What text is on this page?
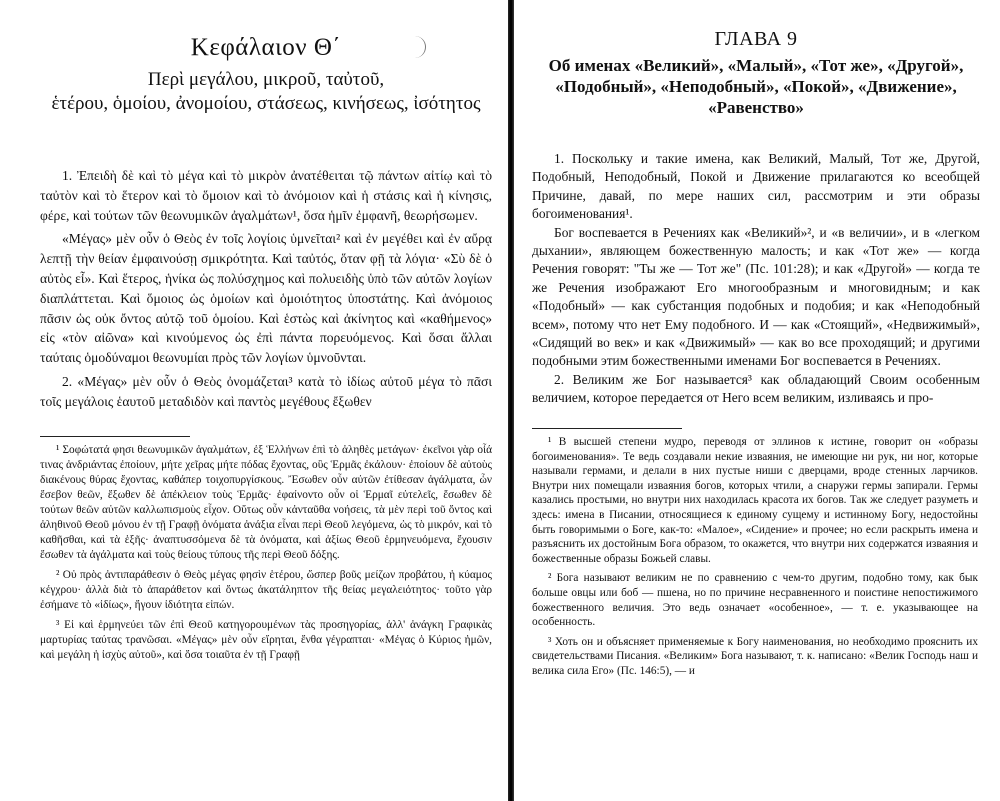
Κεφάλαιον Θ΄

Περὶ μεγάλου, μικροῦ, ταὐτοῦ,

ἑτέρου, ὁμοίου, ἀνομοίου, στάσεως, κινήσεως, ἰσότητος

1. Ἐπειδὴ δὲ καὶ τὸ μέγα καὶ τὸ μικρὸν ἀνατέθειται τῷ πάντων αἰτίῳ καὶ τὸ ταὐτὸν καὶ τὸ ἕτερον καὶ τὸ ὅμοιον καὶ τὸ ἀνόμοιον καὶ ἡ στάσις καὶ ἡ κίνησις, φέρε, καὶ τούτων τῶν θεωνυμικῶν ἀγαλμάτων¹, ὅσα ἡμῖν ἐμφανῆ, θεωρήσωμεν.

«Μέγας» μὲν οὖν ὁ Θεὸς ἐν τοῖς λογίοις ὑμνεῖται² καὶ ἐν μεγέθει καὶ ἐν αὔρᾳ λεπτῇ τὴν θείαν ἐμφαινούσῃ σμικρότητα. Καὶ ταὐτός, ὅταν φῇ τὰ λόγια· «Σὺ δὲ ὁ αὐτὸς εἶ». Καὶ ἕτερος, ἡνίκα ὡς πολύσχημος καὶ πολυειδὴς ὑπὸ τῶν αὐτῶν λογίων διαπλάττεται. Καὶ ὅμοιος ὡς ὁμοίων καὶ ὁμοιότητος ὑποστάτης. Καὶ ἀνόμοιος πᾶσιν ὡς οὐκ ὄντος αὐτῷ τοῦ ὁμοίου. Καὶ ἑστὼς καὶ ἀκίνητος καὶ «καθήμενος» εἰς «τὸν αἰῶνα» καὶ κινούμενος ὡς ἐπὶ πάντα πορευόμενος. Καὶ ὅσαι ἄλλαι ταύταις ὁμοδύναμοι θεωνυμίαι πρὸς τῶν λογίων ὑμνοῦνται.

2. «Μέγας» μὲν οὖν ὁ Θεὸς ὀνομάζεται³ κατὰ τὸ ἰδίως αὐτοῦ μέγα τὸ πᾶσι τοῖς μεγάλοις ἑαυτοῦ μεταδιδὸν καὶ παντὸς μεγέθους ἔξωθεν

¹ Σοφώτατά φησι θεωνυμικῶν ἀγαλμάτων, ἐξ Ἑλλήνων ἐπὶ τὸ ἀληθὲς μετάγων· ἐκεῖνοι γὰρ οἷά τινας ἀνδριάντας ἐποίουν, μήτε χεῖρας μήτε πόδας ἔχοντας, οὓς Ἑρμᾶς ἐκάλουν· ἐποίουν δὲ αὐτοὺς διακένους θύρας ἔχοντας, καθάπερ τοιχοπυργίσκους. Ἔσωθεν οὖν αὐτῶν ἐτίθεσαν ἀγάλματα, ὧν ἔσεβον θεῶν, ἔξωθεν δὲ ἀπέκλειον τοὺς Ἑρμᾶς· ἐφαίνοντο οὖν οἱ Ἑρμαῖ εὐτελεῖς, ἔσωθεν δὲ τούτων θεῶν αὐτῶν καλλωπισμοὺς εἶχον. Οὕτως οὖν κἀνταῦθα νοήσεις, τὰ μὲν περὶ τοῦ ὄντος καὶ ἀληθινοῦ Θεοῦ μόνου ἐν τῇ Γραφῇ ὀνόματα ἀνάξια εἶναι περὶ Θεοῦ λεγόμενα, ὡς τὸ μικρόν, καὶ τὸ καθῆσθαι, καὶ τὰ ἑξῆς· ἀναπτυσσόμενα δὲ τὰ ὀνόματα, καὶ ἀξίως Θεοῦ ἑρμηνευόμενα, ἔχουσιν ἔσωθεν τὰ ἀγάλματα καὶ τοὺς θείους τύπους τῆς περὶ Θεοῦ δόξης.

² Οὐ πρὸς ἀντιπαράθεσιν ὁ Θεὸς μέγας φησὶν ἑτέρου, ὥσπερ βοῦς μείζων προβάτου, ἡ κύαμος κέγχρου· ἀλλὰ διὰ τὸ ἀπαράθετον καὶ ὄντως ἀκατάληπτον τῆς θείας μεγαλειότητος· τοῦτο γὰρ ἐσήμανε τὸ «ἰδίως», ἤγουν ἰδιότητα εἰπών.

³ Εἰ καὶ ἑρμηνεύει τῶν ἐπὶ Θεοῦ κατηγορουμένων τὰς προσηγορίας, ἀλλ' ἀνάγκη Γραφικὰς μαρτυρίας ταύτας τρανῶσαι. «Μέγας» μὲν οὖν εἴρηται, ἔνθα γέγραπται· «Μέγας ὁ Κύριος ἡμῶν, καὶ μεγάλη ἡ ἰσχὺς αὐτοῦ», καὶ ὅσα τοιαῦτα ἐν τῇ Γραφῇ

ГЛАВА 9

Об именах «Великий», «Малый», «Тот же», «Другой», «Подобный», «Неподобный», «Покой», «Движение», «Равенство»

1. Поскольку и такие имена, как Великий, Малый, Тот же, Другой, Подобный, Неподобный, Покой и Движение прилагаются ко всеобщей Причине, давай, по мере наших сил, рассмотрим и эти образы богоименования¹.

Бог воспевается в Речениях как «Великий»², и «в величии», и в «легком дыхании», являющем божественную малость; и как «Тот же» — когда Речения говорят: "Ты же — Тот же" (Пс. 101:28); и как «Другой» — когда те же Речения изображают Его многообразным и многовидным; и как «Подобный» — как субстанция подобных и подобия; и как «Неподобный всем», потому что нет Ему подобного. И — как «Стоящий», «Недвижимый», «Сидящий во век» и как «Движимый» — как во все проходящий; и другими подобными этим божественными именами Бог воспевается в Речениях.

2. Великим же Бог называется³ как обладающий Своим особенным величием, которое передается от Него всем великим, изливаясь и про-

¹ В высшей степени мудро, переводя от эллинов к истине, говорит он «образы богоименования». Те ведь создавали некие изваяния, не имеющие ни рук, ни ног, которые называли гермами, и делали в них пустые ниши с дверцами, вроде стенных ларчиков. Внутри них помещали изваяния богов, которых чтили, а снаружи гермы запирали. Гермы казались простыми, но внутри них находилась красота их богов. Так же следует разуметь и здесь: имена в Писании, относящиеся к единому сущему и истинному Богу, недостойны быть говоримыми о Боге, как-то: «Малое», «Сидение» и прочее; но если раскрыть имена и разъяснить их достойным Бога образом, то окажется, что внутри них содержатся изваяния и божественные образы Божьей славы.

² Бога называют великим не по сравнению с чем-то другим, подобно тому, как бык больше овцы или боб — пшена, но по причине несравненного и поистине непостижимого божественного величия. Это ведь означает «особенное», — т. е. указывающее на особенность.

³ Хоть он и объясняет применяемые к Богу наименования, но необходимо прояснить их свидетельствами Писания. «Великим» Бога называют, т. к. написано: «Велик Господь наш и велика сила Его» (Пс. 146:5), — и
